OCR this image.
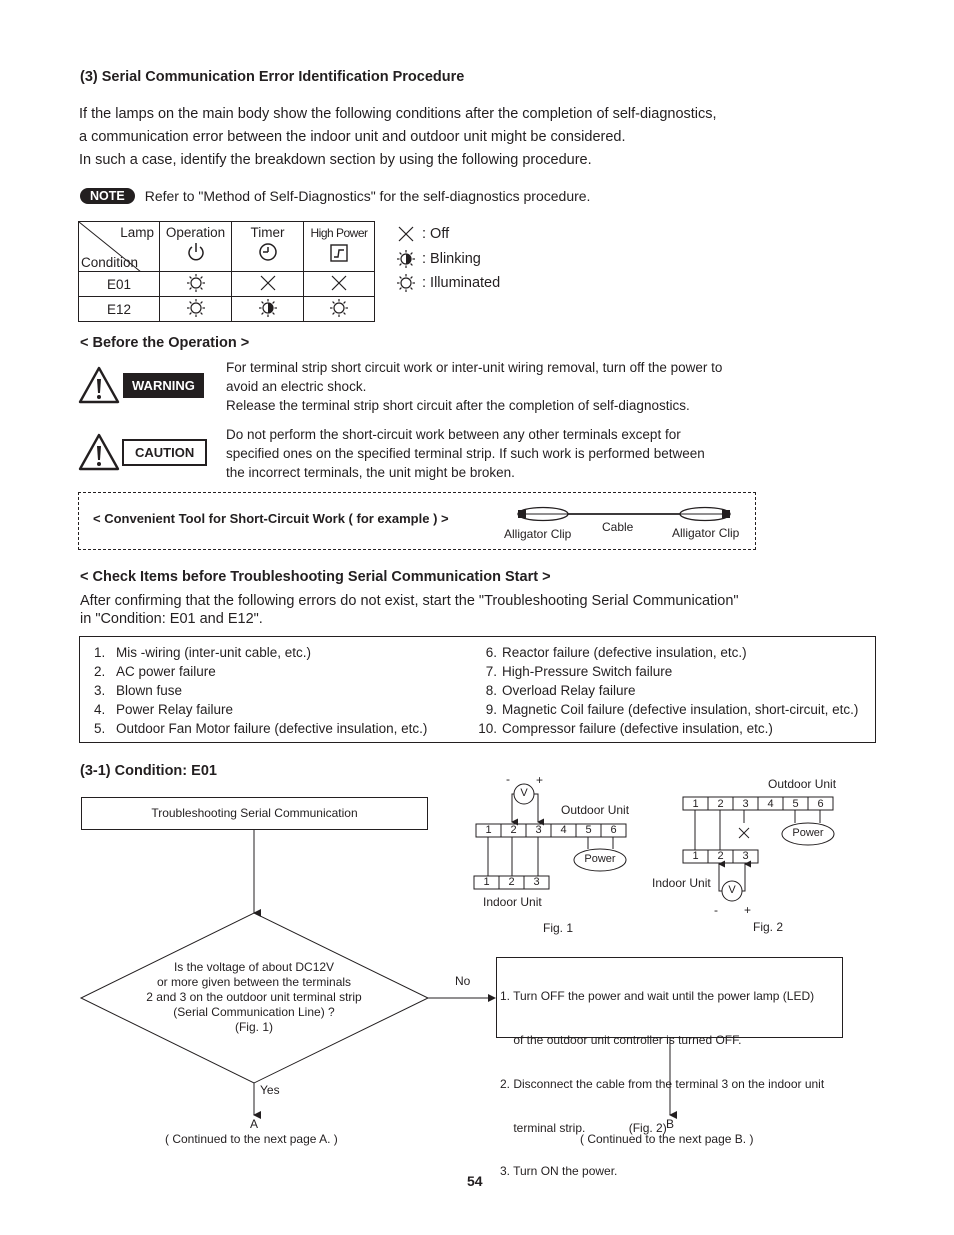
(3) Serial Communication Error Identification Procedure
If the lamps on the main body show the following conditions after the completion of self-diagnostics,
a communication error between the indoor unit and outdoor unit might be considered.
In such a case, identify the breakdown section by using the following procedure.
NOTE	Refer to "Method of Self-Diagnostics" for the self-diagnostics procedure.
Lamp
Condition	Operation	Timer	High Power

E01			
E12			
: Off
: Blinking
: Illuminated
< Before the Operation >
WARNING
For terminal strip short circuit work or inter-unit wiring removal, turn off the power to
avoid an electric shock.
Release the terminal strip short circuit after the completion of self-diagnostics.
CAUTION
Do not perform the short-circuit work between any other terminals except for
specified ones on the specified terminal strip. If such work is performed between
the incorrect terminals, the unit might be broken.
< Convenient Tool for Short-Circuit Work ( for example ) >
Alligator Clip	Cable	Alligator Clip
< Check Items before Troubleshooting Serial Communication Start >
After confirming that the following errors do not exist, start the "Troubleshooting Serial Communication"
in "Condition: E01 and E12".
1. Mis -wiring (inter-unit cable, etc.)
2. AC power failure
3. Blown fuse
4. Power Relay failure
5. Outdoor Fan Motor failure (defective insulation, etc.)
6. Reactor failure (defective insulation, etc.)
7. High-Pressure Switch failure
8. Overload Relay failure
9. Magnetic Coil failure (defective insulation, short-circuit, etc.)
10. Compressor failure (defective insulation, etc.)
(3-1) Condition: E01
Troubleshooting Serial Communication
Is the voltage of about DC12V
or more given between the terminals
2 and 3 on the outdoor unit terminal strip
(Serial Communication Line) ?
(Fig. 1)
No
Yes

1. Turn OFF the power and wait until the power lamp (LED)

of the outdoor unit controller is turned OFF.

2. Disconnect the cable from the terminal 3 on the indoor unit

terminal strip.             (Fig. 2)

3. Turn ON the power.

A
( Continued to the next page A. )
B
( Continued to the next page B. )
V
- +
Outdoor Unit
1	2	3	4	5	6
Power
1	2	3
Indoor Unit
Fig. 1
Outdoor Unit
1	2	3	4	5	6
Power
1	2	3
Indoor Unit V
- +
Fig. 2
54
